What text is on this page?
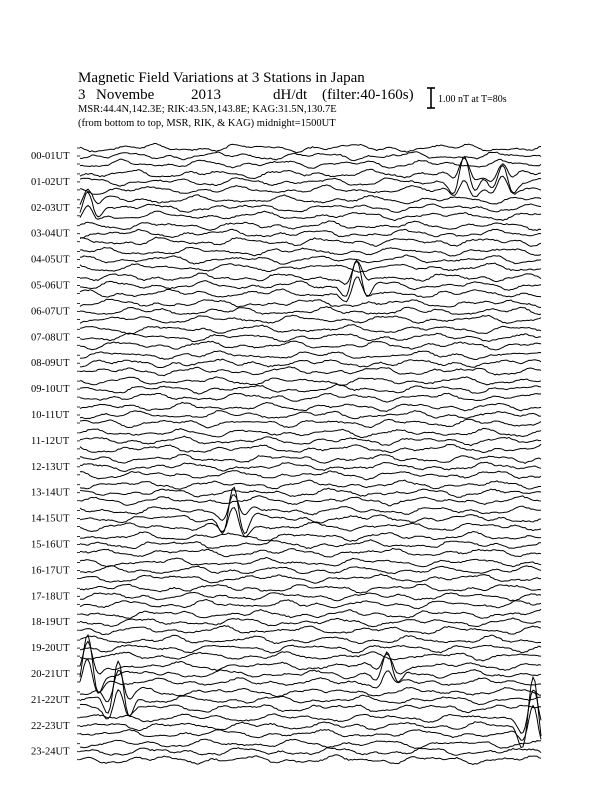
Magnetic Field Variations at 3 Stations in Japan
3 Novembe 2013	dH/dt (filter:40-160s)
MSR:44.4N,142.3E; RIK:43.5N,143.8E; KAG:31.5N,130.7E
(from bottom to top, MSR, RIK, & KAG) midnight=1500UT
1.00 nT at T=80s
00-01UT
01-02UT
02-03UT
03-04UT
04-05UT
05-06UT
06-07UT
07-08UT
08-09UT
09-10UT
10-11UT
11-12UT
12-13UT
13-14UT
14-15UT
15-16UT
16-17UT
17-18UT
18-19UT
19-20UT
20-21UT
21-22UT
22-23UT
23-24UT
